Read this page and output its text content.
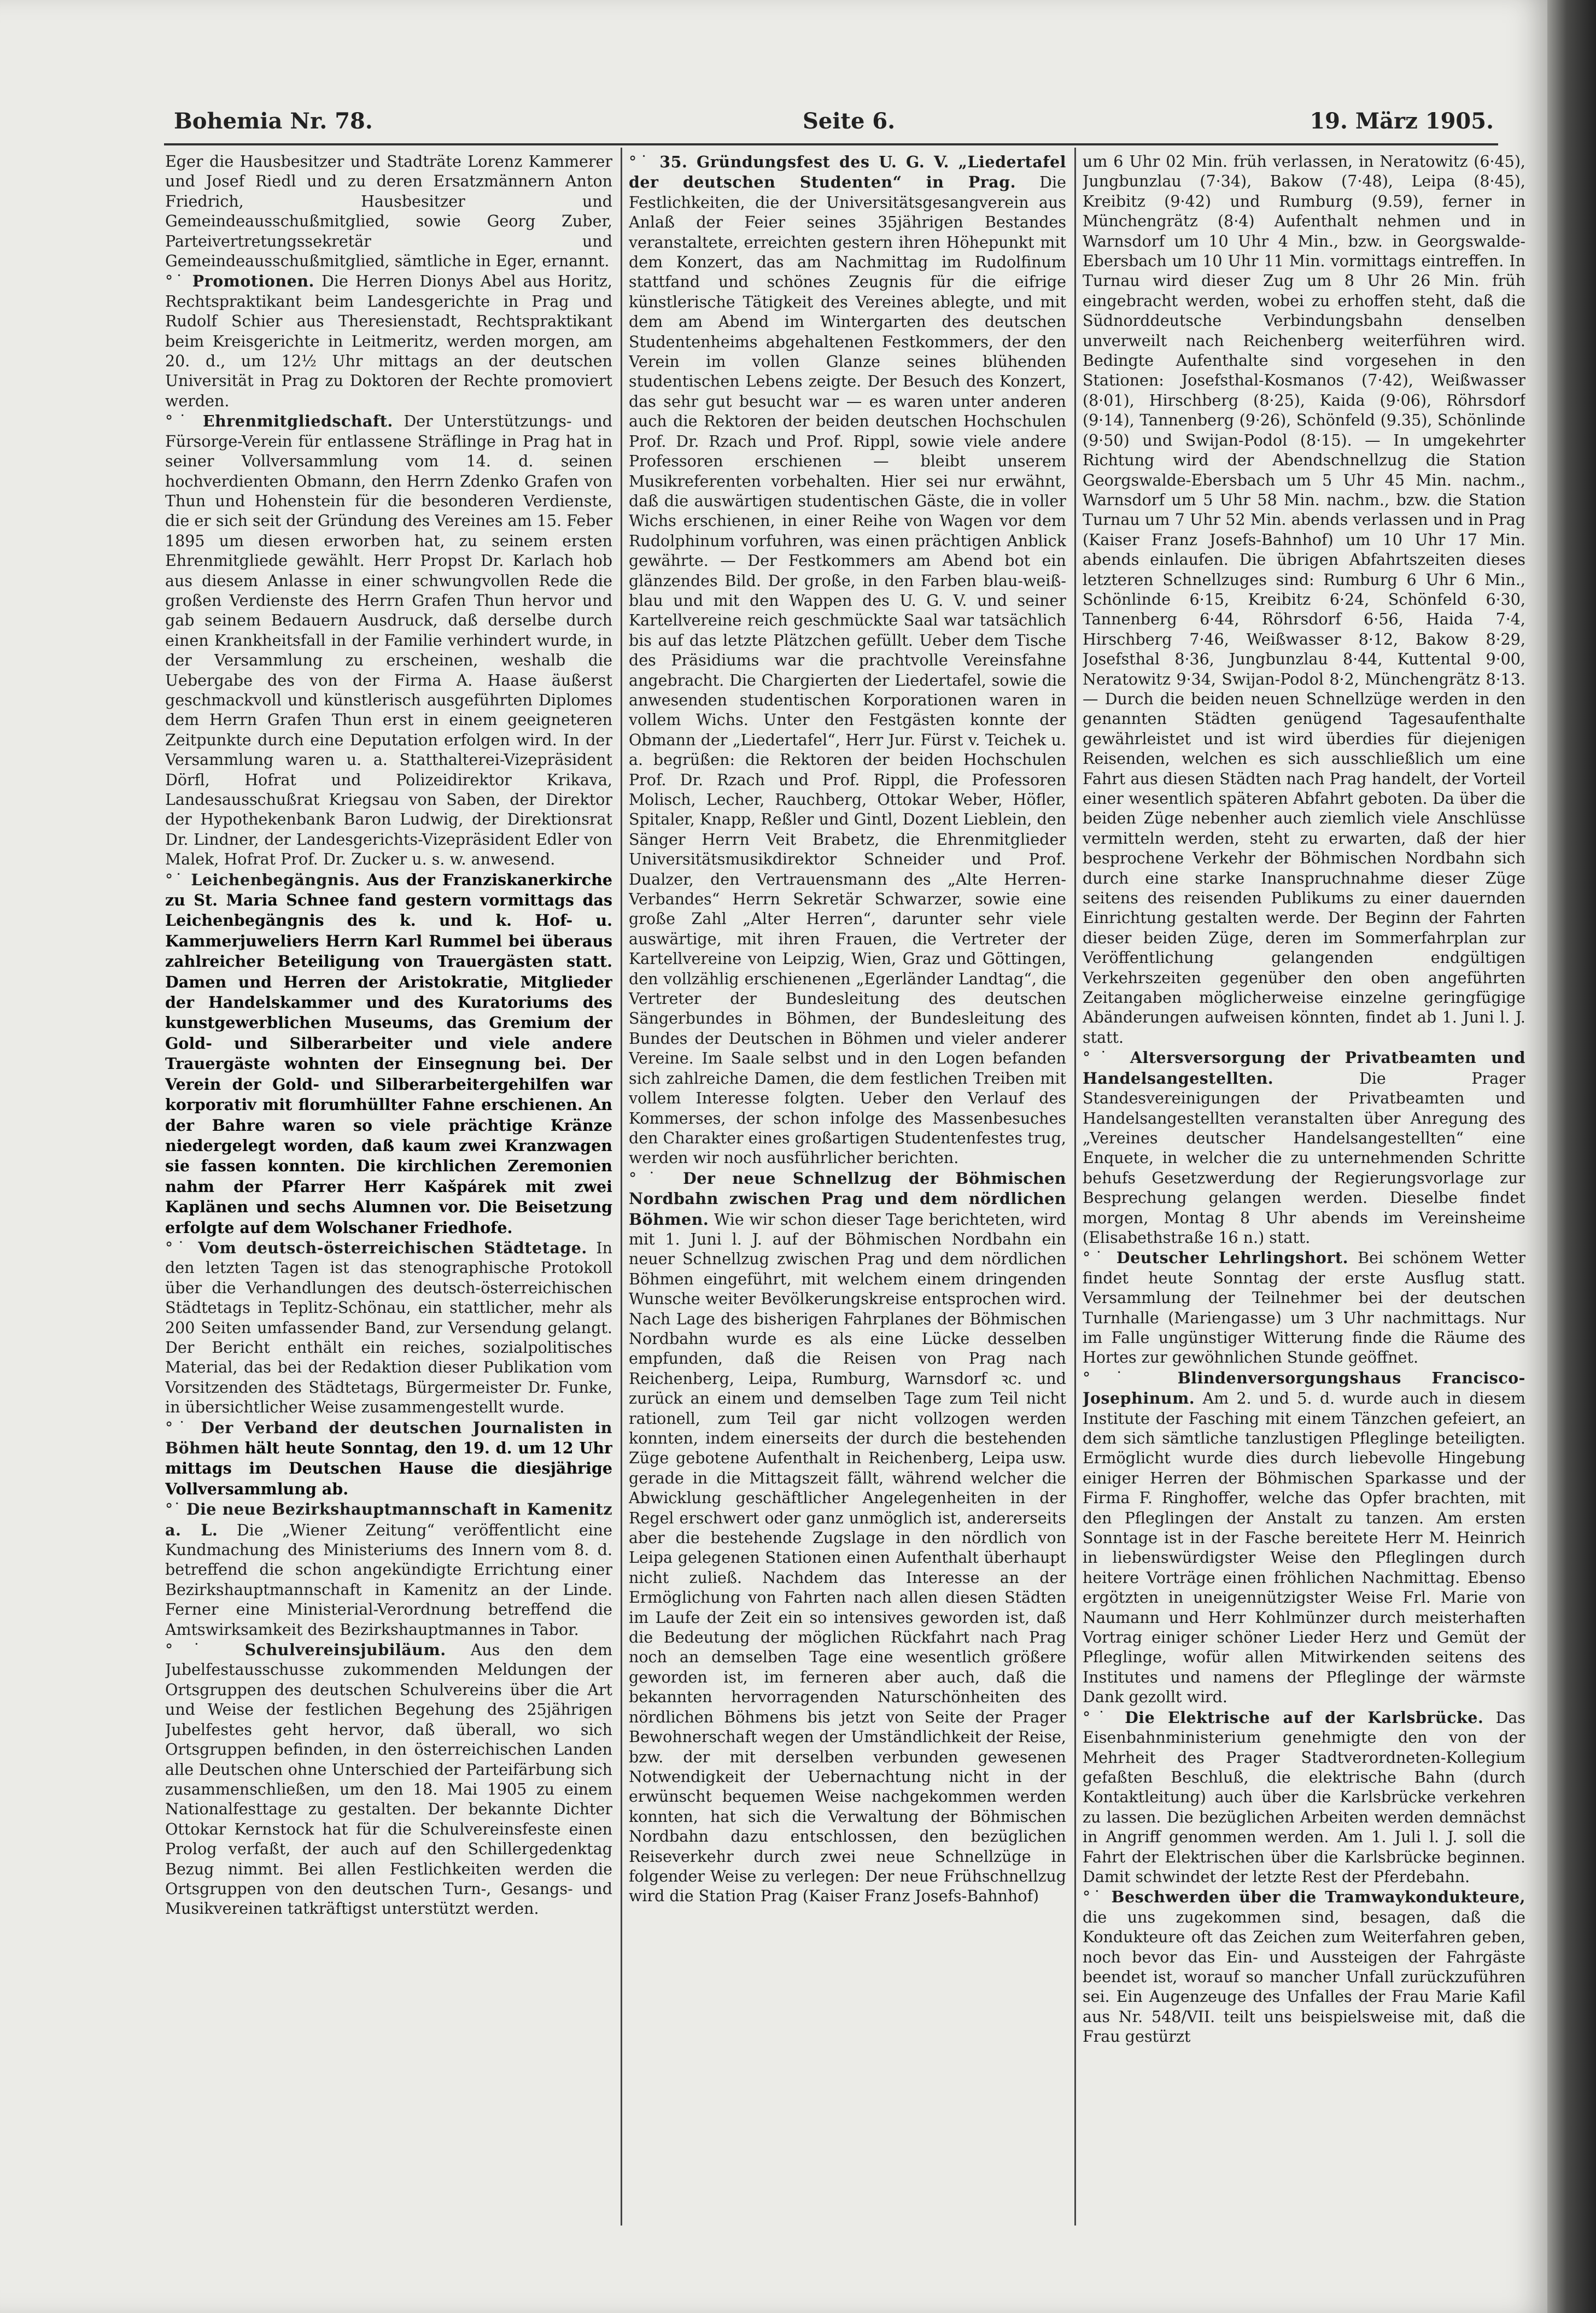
Bohemia Nr. 78.	Seite 6.	19. März 1905.

Eger die Hausbesitzer und Stadträte Lorenz Kammerer und Josef Riedl und zu deren Ersatzmännern Anton Friedrich, Hausbesitzer und Gemeindeausschußmitglied, sowie Georg Zuber, Parteivertretungssekretär und Gemeindeausschußmitglied, sämtliche in Eger, ernannt.

°˙ Promotionen. Die Herren Dionys Abel aus Horitz, Rechtspraktikant beim Landesgerichte in Prag und Rudolf Schier aus Theresienstadt, Rechtspraktikant beim Kreisgerichte in Leitmeritz, werden morgen, am 20. d., um 12½ Uhr mittags an der deutschen Universität in Prag zu Doktoren der Rechte promoviert werden.

°˙ Ehrenmitgliedschaft. Der Unterstützungs- und Fürsorge-Verein für entlassene Sträflinge in Prag hat in seiner Vollversammlung vom 14. d. seinen hochverdienten Obmann, den Herrn Zdenko Grafen von Thun und Hohenstein für die besonderen Verdienste, die er sich seit der Gründung des Vereines am 15. Feber 1895 um diesen erworben hat, zu seinem ersten Ehrenmitgliede gewählt. Herr Propst Dr. Karlach hob aus diesem Anlasse in einer schwungvollen Rede die großen Verdienste des Herrn Grafen Thun hervor und gab seinem Bedauern Ausdruck, daß derselbe durch einen Krankheitsfall in der Familie verhindert wurde, in der Versammlung zu erscheinen, weshalb die Uebergabe des von der Firma A. Haase äußerst geschmackvoll und künstlerisch ausgeführten Diplomes dem Herrn Grafen Thun erst in einem geeigneteren Zeitpunkte durch eine Deputation erfolgen wird. In der Versammlung waren u. a. Statthalterei-Vizepräsident Dörfl, Hofrat und Polizeidirektor Krikava, Landesausschußrat Kriegsau von Saben, der Direktor der Hypothekenbank Baron Ludwig, der Direktionsrat Dr. Lindner, der Landesgerichts-Vizepräsident Edler von Malek, Hofrat Prof. Dr. Zucker u. s. w. anwesend.

°˙ Leichenbegängnis. Aus der Franziskanerkirche zu St. Maria Schnee fand gestern vormittags das Leichenbegängnis des k. und k. Hof- u. Kammerjuweliers Herrn Karl Rummel bei überaus zahlreicher Beteiligung von Trauergästen statt. Damen und Herren der Aristokratie, Mitglieder der Handelskammer und des Kuratoriums des kunstgewerblichen Museums, das Gremium der Gold- und Silberarbeiter und viele andere Trauergäste wohnten der Einsegnung bei. Der Verein der Gold- und Silberarbeitergehilfen war korporativ mit florumhüllter Fahne erschienen. An der Bahre waren so viele prächtige Kränze niedergelegt worden, daß kaum zwei Kranzwagen sie fassen konnten. Die kirchlichen Zeremonien nahm der Pfarrer Herr Kašpárek mit zwei Kaplänen und sechs Alumnen vor. Die Beisetzung erfolgte auf dem Wolschaner Friedhofe.

°˙ Vom deutsch-österreichischen Städtetage. In den letzten Tagen ist das stenographische Protokoll über die Verhandlungen des deutsch-österreichischen Städtetags in Teplitz-Schönau, ein stattlicher, mehr als 200 Seiten umfassender Band, zur Versendung gelangt. Der Bericht enthält ein reiches, sozialpolitisches Material, das bei der Redaktion dieser Publikation vom Vorsitzenden des Städtetags, Bürgermeister Dr. Funke, in übersichtlicher Weise zusammengestellt wurde.

°˙ Der Verband der deutschen Journalisten in Böhmen hält heute Sonntag, den 19. d. um 12 Uhr mittags im Deutschen Hause die diesjährige Vollversammlung ab.

°˙ Die neue Bezirkshauptmannschaft in Kamenitz a. L. Die „Wiener Zeitung“ veröffentlicht eine Kundmachung des Ministeriums des Innern vom 8. d. betreffend die schon angekündigte Errichtung einer Bezirkshauptmannschaft in Kamenitz an der Linde. Ferner eine Ministerial-Verordnung betreffend die Amtswirksamkeit des Bezirkshauptmannes in Tabor.

°˙ Schulvereinsjubiläum. Aus den dem Jubelfestausschusse zukommenden Meldungen der Ortsgruppen des deutschen Schulvereins über die Art und Weise der festlichen Begehung des 25jährigen Jubelfestes geht hervor, daß überall, wo sich Ortsgruppen befinden, in den österreichischen Landen alle Deutschen ohne Unterschied der Parteifärbung sich zusammenschließen, um den 18. Mai 1905 zu einem Nationalfesttage zu gestalten. Der bekannte Dichter Ottokar Kernstock hat für die Schulvereinsfeste einen Prolog verfaßt, der auch auf den Schillergedenktag Bezug nimmt. Bei allen Festlichkeiten werden die Ortsgruppen von den deutschen Turn-, Gesangs- und Musikvereinen tatkräftigst unterstützt werden.

°˙ 35. Gründungsfest des U. G. V. „Liedertafel der deutschen Studenten“ in Prag. Die Festlichkeiten, die der Universitätsgesangverein aus Anlaß der Feier seines 35jährigen Bestandes veranstaltete, erreichten gestern ihren Höhepunkt mit dem Konzert, das am Nachmittag im Rudolfinum stattfand und schönes Zeugnis für die eifrige künstlerische Tätigkeit des Vereines ablegte, und mit dem am Abend im Wintergarten des deutschen Studentenheims abgehaltenen Festkommers, der den Verein im vollen Glanze seines blühenden studentischen Lebens zeigte. Der Besuch des Konzert, das sehr gut besucht war — es waren unter anderen auch die Rektoren der beiden deutschen Hochschulen Prof. Dr. Rzach und Prof. Rippl, sowie viele andere Professoren erschienen — bleibt unserem Musikreferenten vorbehalten. Hier sei nur erwähnt, daß die auswärtigen studentischen Gäste, die in voller Wichs erschienen, in einer Reihe von Wagen vor dem Rudolphinum vorfuhren, was einen prächtigen Anblick gewährte. — Der Festkommers am Abend bot ein glänzendes Bild. Der große, in den Farben blau-weiß-blau und mit den Wappen des U. G. V. und seiner Kartellvereine reich geschmückte Saal war tatsächlich bis auf das letzte Plätzchen gefüllt. Ueber dem Tische des Präsidiums war die prachtvolle Vereinsfahne angebracht. Die Chargierten der Liedertafel, sowie die anwesenden studentischen Korporationen waren in vollem Wichs. Unter den Festgästen konnte der Obmann der „Liedertafel“, Herr Jur. Fürst v. Teichek u. a. begrüßen: die Rektoren der beiden Hochschulen Prof. Dr. Rzach und Prof. Rippl, die Professoren Molisch, Lecher, Rauchberg, Ottokar Weber, Höfler, Spitaler, Knapp, Reßler und Gintl, Dozent Lieblein, den Sänger Herrn Veit Brabetz, die Ehrenmitglieder Universitätsmusikdirektor Schneider und Prof. Dualzer, den Vertrauensmann des „Alte Herren-Verbandes“ Herrn Sekretär Schwarzer, sowie eine große Zahl „Alter Herren“, darunter sehr viele auswärtige, mit ihren Frauen, die Vertreter der Kartellvereine von Leipzig, Wien, Graz und Göttingen, den vollzählig erschienenen „Egerländer Landtag“, die Vertreter der Bundesleitung des deutschen Sängerbundes in Böhmen, der Bundesleitung des Bundes der Deutschen in Böhmen und vieler anderer Vereine. Im Saale selbst und in den Logen befanden sich zahlreiche Damen, die dem festlichen Treiben mit vollem Interesse folgten. Ueber den Verlauf des Kommerses, der schon infolge des Massenbesuches den Charakter eines großartigen Studentenfestes trug, werden wir noch ausführlicher berichten.

°˙ Der neue Schnellzug der Böhmischen Nordbahn zwischen Prag und dem nördlichen Böhmen. Wie wir schon dieser Tage berichteten, wird mit 1. Juni l. J. auf der Böhmischen Nordbahn ein neuer Schnellzug zwischen Prag und dem nördlichen Böhmen eingeführt, mit welchem einem dringenden Wunsche weiter Bevölkerungskreise entsprochen wird. Nach Lage des bisherigen Fahrplanes der Böhmischen Nordbahn wurde es als eine Lücke desselben empfunden, daß die Reisen von Prag nach Reichenberg, Leipa, Rumburg, Warnsdorf ꝛc. und zurück an einem und demselben Tage zum Teil nicht rationell, zum Teil gar nicht vollzogen werden konnten, indem einerseits der durch die bestehenden Züge gebotene Aufenthalt in Reichenberg, Leipa usw. gerade in die Mittagszeit fällt, während welcher die Abwicklung geschäftlicher Angelegenheiten in der Regel erschwert oder ganz unmöglich ist, andererseits aber die bestehende Zugslage in den nördlich von Leipa gelegenen Stationen einen Aufenthalt überhaupt nicht zuließ. Nachdem das Interesse an der Ermöglichung von Fahrten nach allen diesen Städten im Laufe der Zeit ein so intensives geworden ist, daß die Bedeutung der möglichen Rückfahrt nach Prag noch an demselben Tage eine wesentlich größere geworden ist, im ferneren aber auch, daß die bekannten hervorragenden Naturschönheiten des nördlichen Böhmens bis jetzt von Seite der Prager Bewohnerschaft wegen der Umständlichkeit der Reise, bzw. der mit derselben verbunden gewesenen Notwendigkeit der Uebernachtung nicht in der erwünscht bequemen Weise nachgekommen werden konnten, hat sich die Verwaltung der Böhmischen Nordbahn dazu entschlossen, den bezüglichen Reiseverkehr durch zwei neue Schnellzüge in folgender Weise zu verlegen: Der neue Frühschnellzug wird die Station Prag (Kaiser Franz Josefs-Bahnhof)

um 6 Uhr 02 Min. früh verlassen, in Neratowitz (6·45), Jungbunzlau (7·34), Bakow (7·48), Leipa (8·45), Kreibitz (9·42) und Rumburg (9.59), ferner in Münchengrätz (8·4) Aufenthalt nehmen und in Warnsdorf um 10 Uhr 4 Min., bzw. in Georgswalde-Ebersbach um 10 Uhr 11 Min. vormittags eintreffen. In Turnau wird dieser Zug um 8 Uhr 26 Min. früh eingebracht werden, wobei zu erhoffen steht, daß die Südnorddeutsche Verbindungsbahn denselben unverweilt nach Reichenberg weiterführen wird. Bedingte Aufenthalte sind vorgesehen in den Stationen: Josefsthal-Kosmanos (7·42), Weißwasser (8·01), Hirschberg (8·25), Kaida (9·06), Röhrsdorf (9·14), Tannenberg (9·26), Schönfeld (9.35), Schönlinde (9·50) und Swijan-Podol (8·15). — In umgekehrter Richtung wird der Abendschnellzug die Station Georgswalde-Ebersbach um 5 Uhr 45 Min. nachm., Warnsdorf um 5 Uhr 58 Min. nachm., bzw. die Station Turnau um 7 Uhr 52 Min. abends verlassen und in Prag (Kaiser Franz Josefs-Bahnhof) um 10 Uhr 17 Min. abends einlaufen. Die übrigen Abfahrtszeiten dieses letzteren Schnellzuges sind: Rumburg 6 Uhr 6 Min., Schönlinde 6·15, Kreibitz 6·24, Schönfeld 6·30, Tannenberg 6·44, Röhrsdorf 6·56, Haida 7·4, Hirschberg 7·46, Weißwasser 8·12, Bakow 8·29, Josefsthal 8·36, Jungbunzlau 8·44, Kuttental 9·00, Neratowitz 9·34, Swijan-Podol 8·2, Münchengrätz 8·13. — Durch die beiden neuen Schnellzüge werden in den genannten Städten genügend Tagesaufenthalte gewährleistet und ist wird überdies für diejenigen Reisenden, welchen es sich ausschließlich um eine Fahrt aus diesen Städten nach Prag handelt, der Vorteil einer wesentlich späteren Abfahrt geboten. Da über die beiden Züge nebenher auch ziemlich viele Anschlüsse vermitteln werden, steht zu erwarten, daß der hier besprochene Verkehr der Böhmischen Nordbahn sich durch eine starke Inanspruchnahme dieser Züge seitens des reisenden Publikums zu einer dauernden Einrichtung gestalten werde. Der Beginn der Fahrten dieser beiden Züge, deren im Sommerfahrplan zur Veröffentlichung gelangenden endgültigen Verkehrszeiten gegenüber den oben angeführten Zeitangaben möglicherweise einzelne geringfügige Abänderungen aufweisen könnten, findet ab 1. Juni l. J. statt.

°˙ Altersversorgung der Privatbeamten und Handelsangestellten.	Die Prager Standesvereinigungen der Privatbeamten und Handelsangestellten veranstalten über Anregung des „Vereines deutscher Handelsangestellten“ eine Enquete, in welcher die zu unternehmenden Schritte behufs Gesetzwerdung der Regierungsvorlage zur Besprechung gelangen werden. Dieselbe findet morgen, Montag 8 Uhr abends im Vereinsheime (Elisabethstraße 16 n.) statt.

°˙ Deutscher Lehrlingshort. Bei schönem Wetter findet heute Sonntag der erste Ausflug statt. Versammlung der Teilnehmer bei der deutschen Turnhalle (Mariengasse) um 3 Uhr nachmittags. Nur im Falle ungünstiger Witterung finde die Räume des Hortes zur gewöhnlichen Stunde geöffnet.

°˙ Blindenversorgungshaus Francisco-Josephinum. Am 2. und 5. d. wurde auch in diesem Institute der Fasching mit einem Tänzchen gefeiert, an dem sich sämtliche tanzlustigen Pfleglinge beteiligten. Ermöglicht wurde dies durch liebevolle Hingebung einiger Herren der Böhmischen Sparkasse und der Firma F. Ringhoffer, welche das Opfer brachten, mit den Pfleglingen der Anstalt zu tanzen. Am ersten Sonntage ist in der Fasche bereitete Herr M. Heinrich in liebenswürdigster Weise den Pfleglingen durch heitere Vorträge einen fröhlichen Nachmittag. Ebenso ergötzten in uneigennützigster Weise Frl. Marie von Naumann und Herr Kohlmünzer durch meisterhaften Vortrag einiger schöner Lieder Herz und Gemüt der Pfleglinge, wofür allen Mitwirkenden seitens des Institutes und namens der Pfleglinge der wärmste Dank gezollt wird.

°˙ Die Elektrische auf der Karlsbrücke. Das Eisenbahnministerium genehmigte den von der Mehrheit des Prager Stadtverordneten-Kollegium gefaßten Beschluß, die elektrische Bahn (durch Kontaktleitung) auch über die Karlsbrücke verkehren zu lassen. Die bezüglichen Arbeiten werden demnächst in Angriff genommen werden. Am 1. Juli l. J. soll die Fahrt der Elektrischen über die Karlsbrücke beginnen. Damit schwindet der letzte Rest der Pferdebahn.

°˙ Beschwerden über die Tramwaykondukteure, die uns zugekommen sind, besagen, daß die Kondukteure oft das Zeichen zum Weiterfahren geben, noch bevor das Ein- und Aussteigen der Fahrgäste beendet ist, worauf so mancher Unfall zurückzuführen sei. Ein Augenzeuge des Unfalles der Frau Marie Kafil aus Nr. 548/VII. teilt uns beispielsweise mit, daß die Frau gestürzt
